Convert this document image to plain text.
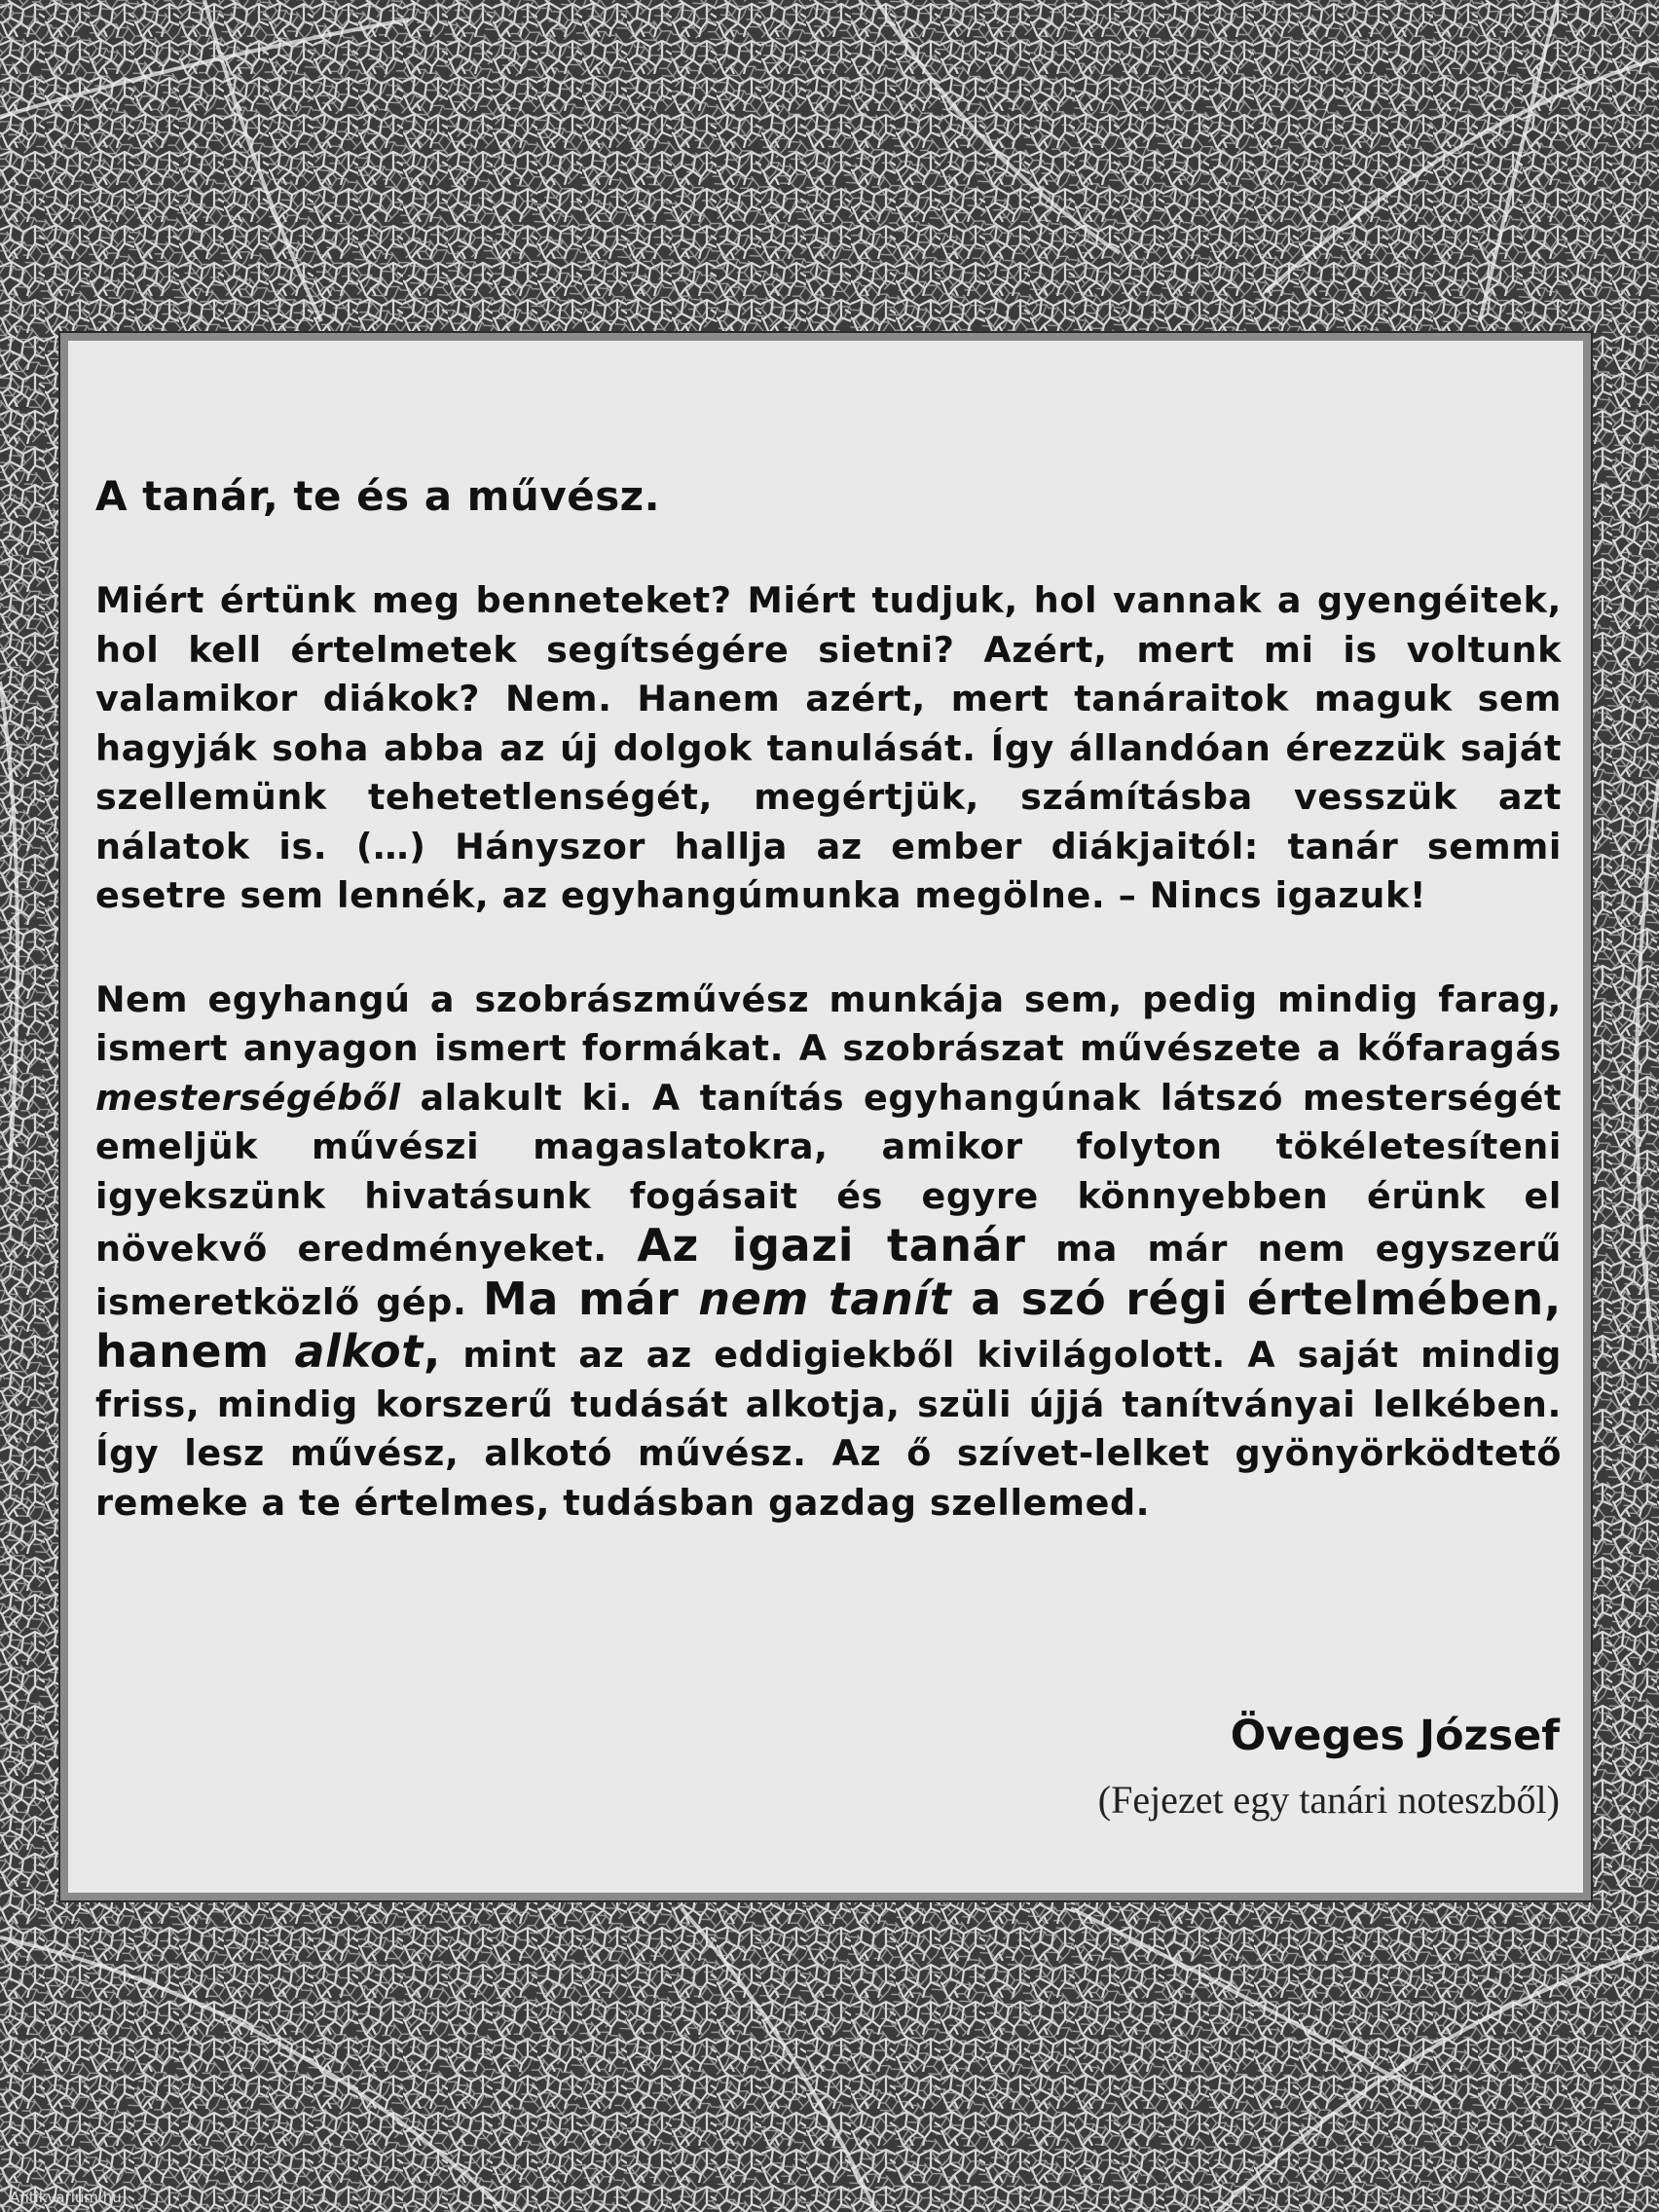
A tanár, te és a művész.

Miért értünk meg benneteket? Miért tudjuk, hol vannak a gyengéitek, hol kell értelmetek segítségére sietni? Azért, mert mi is voltunk valamikor diákok? Nem. Hanem azért, mert tanáraitok maguk sem hagyják soha abba az új dolgok tanulását. Így állandóan érezzük saját szellemünk tehetetlenségét, megértjük, számításba vesszük azt nálatok is. (…) Hányszor hallja az ember diákjaitól: tanár semmi esetre sem lennék, az egyhangúmunka megölne. – Nincs igazuk!

Nem egyhangú a szobrászművész munkája sem, pedig mindig farag, ismert anyagon ismert formákat. A szobrászat művészete a kőfaragás mesterségéből alakult ki. A tanítás egyhangúnak látszó mesterségét emeljük művészi magaslatokra, amikor folyton tökéletesíteni igyekszünk hivatásunk fogásait és egyre könnyebben érünk el növekvő eredményeket. Az igazi tanár ma már nem egyszerű ismeretközlő gép. Ma már nem tanít a szó régi értelmében, hanem alkot, mint az az eddigiekből kivilágolott. A saját mindig friss, mindig korszerű tudását alkotja, szüli újjá tanítványai lelkében. Így lesz művész, alkotó művész. Az ő szívet-lelket gyönyörködtető remeke a te értelmes, tudásban gazdag szellemed.

Öveges József
(Fejezet egy tanári noteszből)
Antikvarium.hu
